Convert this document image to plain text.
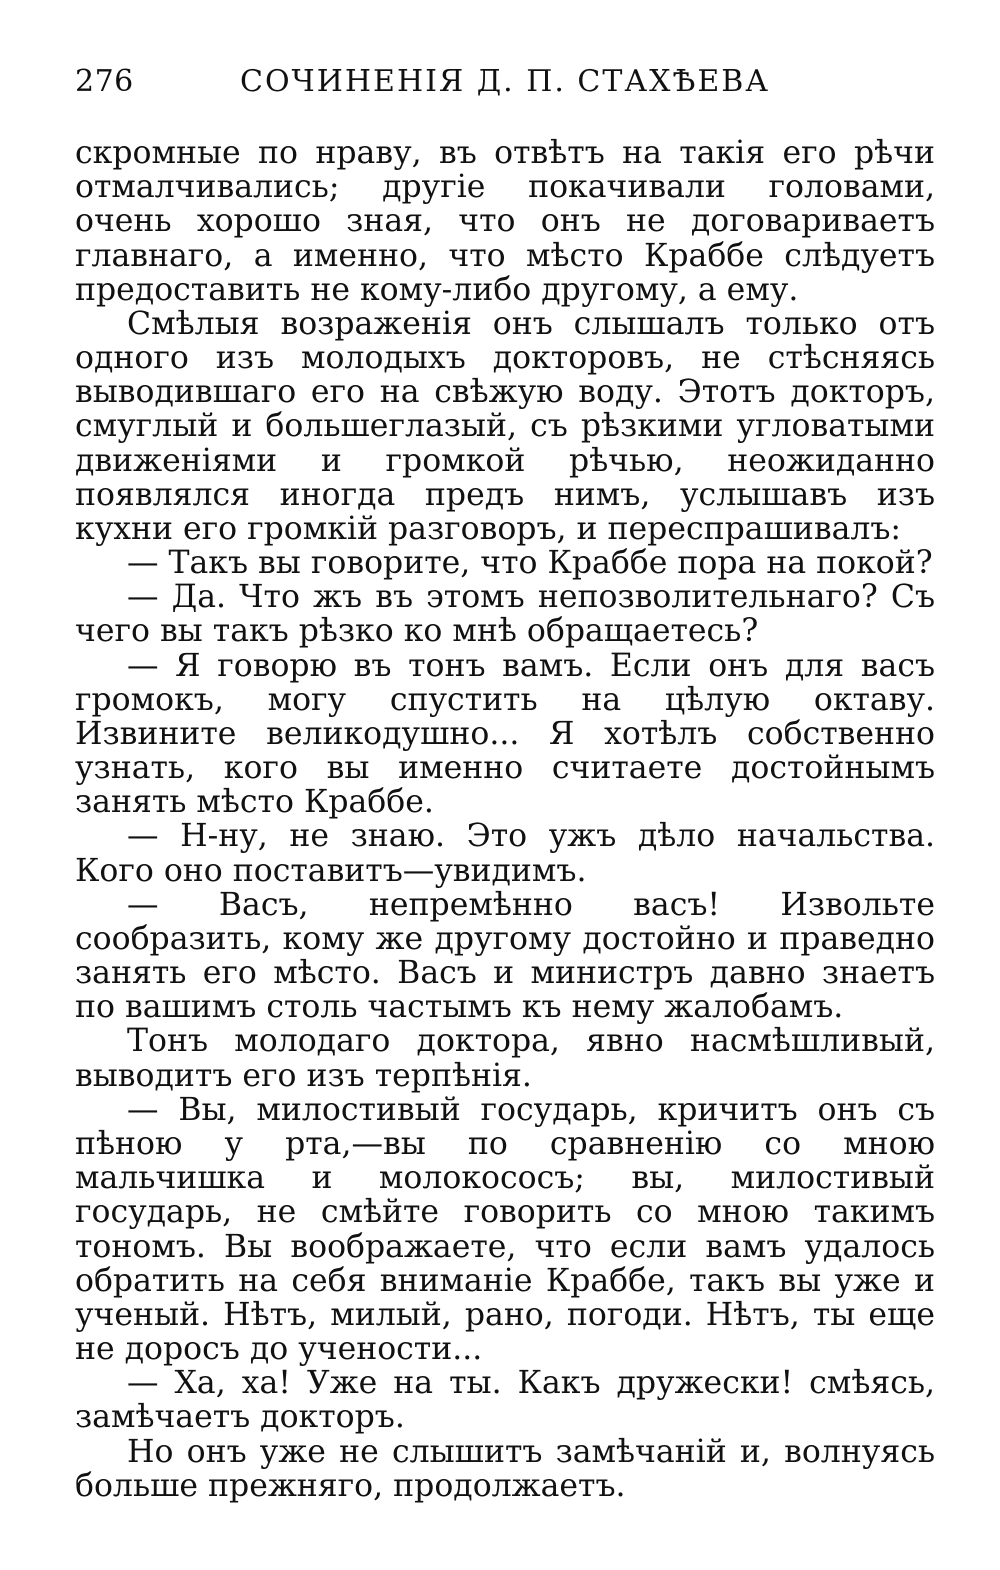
276	СОЧИНЕНІЯ Д. П. СТАХѢЕВА

скромные по нраву, въ отвѣтъ на такія его рѣчи отмалчивались; другіе покачивали головами, очень хорошо зная, что онъ не договариваетъ главнаго, а именно, что мѣсто Краббе слѣдуетъ предоставить не кому-либо другому, а ему.

Смѣлыя возраженія онъ слышалъ только отъ одного изъ молодыхъ докторовъ, не стѣсняясь выводившаго его на свѣжую воду. Этотъ докторъ, смуглый и большеглазый, съ рѣзкими угловатыми движеніями и громкой рѣчью, неожиданно появлялся иногда предъ нимъ, услышавъ изъ кухни его громкій разговоръ, и переспрашивалъ:

— Такъ вы говорите, что Краббе пора на покой?

— Да. Что жъ въ этомъ непозволительнаго? Съ чего вы такъ рѣзко ко мнѣ обращаетесь?

— Я говорю въ тонъ вамъ. Если онъ для васъ громокъ, могу спустить на цѣлую октаву. Извините великодушно... Я хотѣлъ собственно узнать, кого вы именно считаете достойнымъ занять мѣсто Краббе.

— Н-ну, не знаю. Это ужъ дѣло начальства. Кого оно поставитъ—увидимъ.

— Васъ, непремѣнно васъ! Извольте сообразить, кому же другому достойно и праведно занять его мѣсто. Васъ и министръ давно знаетъ по вашимъ столь частымъ къ нему жалобамъ.

Тонъ молодаго доктора, явно насмѣшливый, выводитъ его изъ терпѣнія.

— Вы, милостивый государь, кричитъ онъ съ пѣною у рта,—вы по сравненію со мною мальчишка и молокососъ; вы, милостивый государь, не смѣйте говорить со мною такимъ тономъ. Вы воображаете, что если вамъ удалось обратить на себя вниманіе Краббе, такъ вы уже и ученый. Нѣтъ, милый, рано, погоди. Нѣтъ, ты еще не доросъ до учености...

— Ха, ха! Уже на ты. Какъ дружески! смѣясь, замѣчаетъ докторъ.

Но онъ уже не слышитъ замѣчаній и, волнуясь больше прежняго, продолжаетъ.
